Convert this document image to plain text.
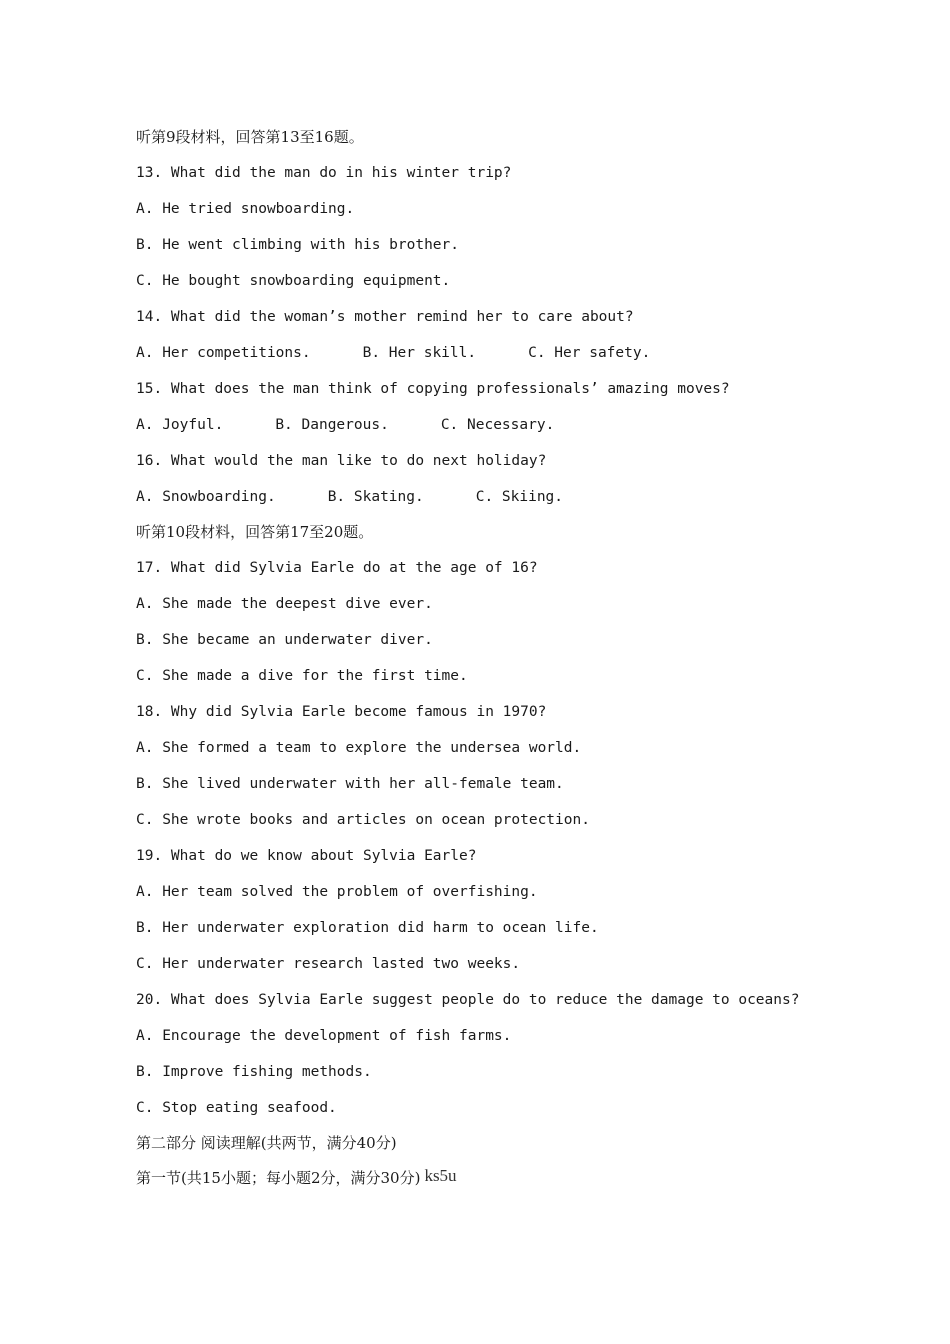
听第9段材料，回答第13至16题。
13. What did the man do in his winter trip?
A. He tried snowboarding.
B. He went climbing with his brother.
C. He bought snowboarding equipment.
14. What did the woman’s mother remind her to care about?
A. Her competitions.	B. Her skill.	C. Her safety.
15. What does the man think of copying professionals’ amazing moves?
A. Joyful.	B. Dangerous.	C. Necessary.
16. What would the man like to do next holiday?
A. Snowboarding.	B. Skating.	C. Skiing.
听第10段材料，回答第17至20题。
17. What did Sylvia Earle do at the age of 16?
A. She made the deepest dive ever.
B. She became an underwater diver.
C. She made a dive for the first time.
18. Why did Sylvia Earle become famous in 1970?
A. She formed a team to explore the undersea world.
B. She lived underwater with her all-female team.
C. She wrote books and articles on ocean protection.
19. What do we know about Sylvia Earle?
A. Her team solved the problem of overfishing.
B. Her underwater exploration did harm to ocean life.
C. Her underwater research lasted two weeks.
20. What does Sylvia Earle suggest people do to reduce the damage to oceans?
A. Encourage the development of fish farms.
B. Improve fishing methods.
C. Stop eating seafood.
第二部分 阅读理解(共两节，满分40分)
第一节(共15小题；每小题2分，满分30分) ks5u
